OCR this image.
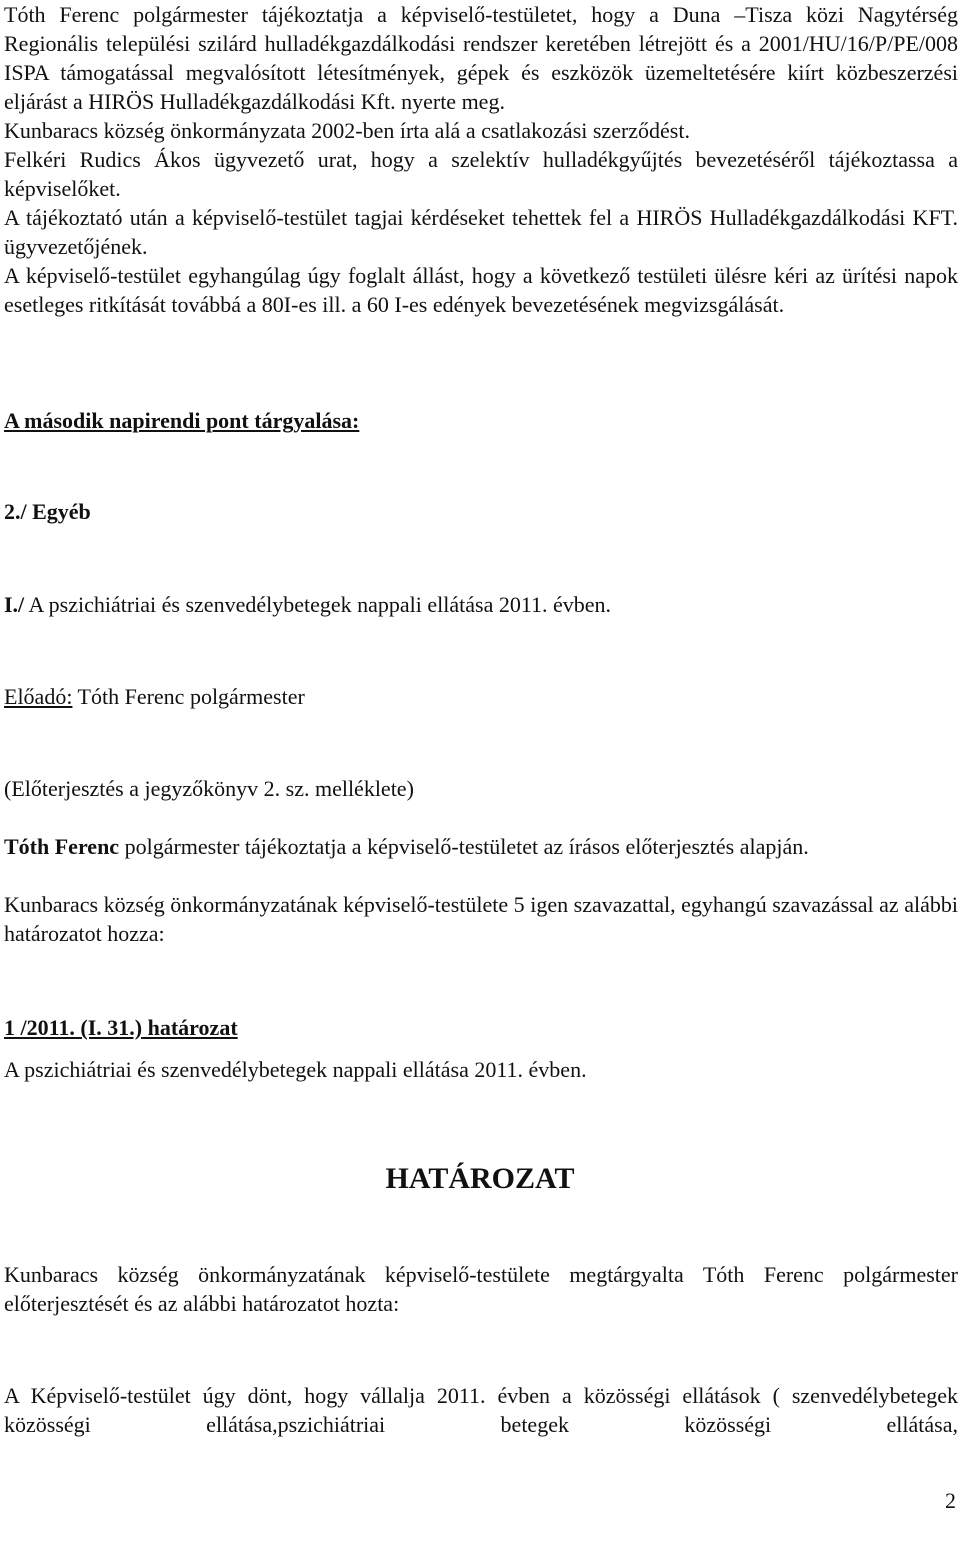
Tóth Ferenc polgármester tájékoztatja a képviselő-testületet, hogy a Duna –Tisza közi Nagytérség Regionális települési szilárd hulladékgazdálkodási rendszer keretében létrejött és a 2001/HU/16/P/PE/008 ISPA támogatással megvalósított létesítmények, gépek és eszközök üzemeltetésére kiírt közbeszerzési eljárást a HIRÖS Hulladékgazdálkodási Kft. nyerte meg.

Kunbaracs község önkormányzata 2002-ben írta alá a csatlakozási szerződést.

Felkéri Rudics Ákos ügyvezető urat, hogy a szelektív hulladékgyűjtés bevezetéséről tájékoztassa a képviselőket.

A tájékoztató után a képviselő-testület tagjai kérdéseket tehettek fel a HIRÖS Hulladékgazdálkodási KFT. ügyvezetőjének.

A képviselő-testület egyhangúlag úgy foglalt állást, hogy a következő testületi ülésre kéri az ürítési napok esetleges ritkítását továbbá a 80I-es ill. a 60 I-es edények bevezetésének megvizsgálását.

A második napirendi pont tárgyalása:

2./ Egyéb

I./ A pszichiátriai és szenvedélybetegek nappali ellátása 2011. évben.

Előadó: Tóth Ferenc polgármester

(Előterjesztés a jegyzőkönyv 2. sz. melléklete)

Tóth Ferenc polgármester tájékoztatja a képviselő-testületet az írásos előterjesztés alapján.

Kunbaracs község önkormányzatának képviselő-testülete 5 igen szavazattal, egyhangú szavazással az alábbi határozatot hozza:

1 /2011. (I. 31.) határozat

A pszichiátriai és szenvedélybetegek nappali ellátása 2011. évben.

HATÁROZAT

Kunbaracs község önkormányzatának képviselő-testülete megtárgyalta Tóth Ferenc polgármester előterjesztését és az alábbi határozatot hozta:

A Képviselő-testület úgy dönt, hogy vállalja 2011. évben a közösségi ellátások ( szenvedélybetegek közösségi ellátása,pszichiátriai betegek közösségi ellátása,

2
